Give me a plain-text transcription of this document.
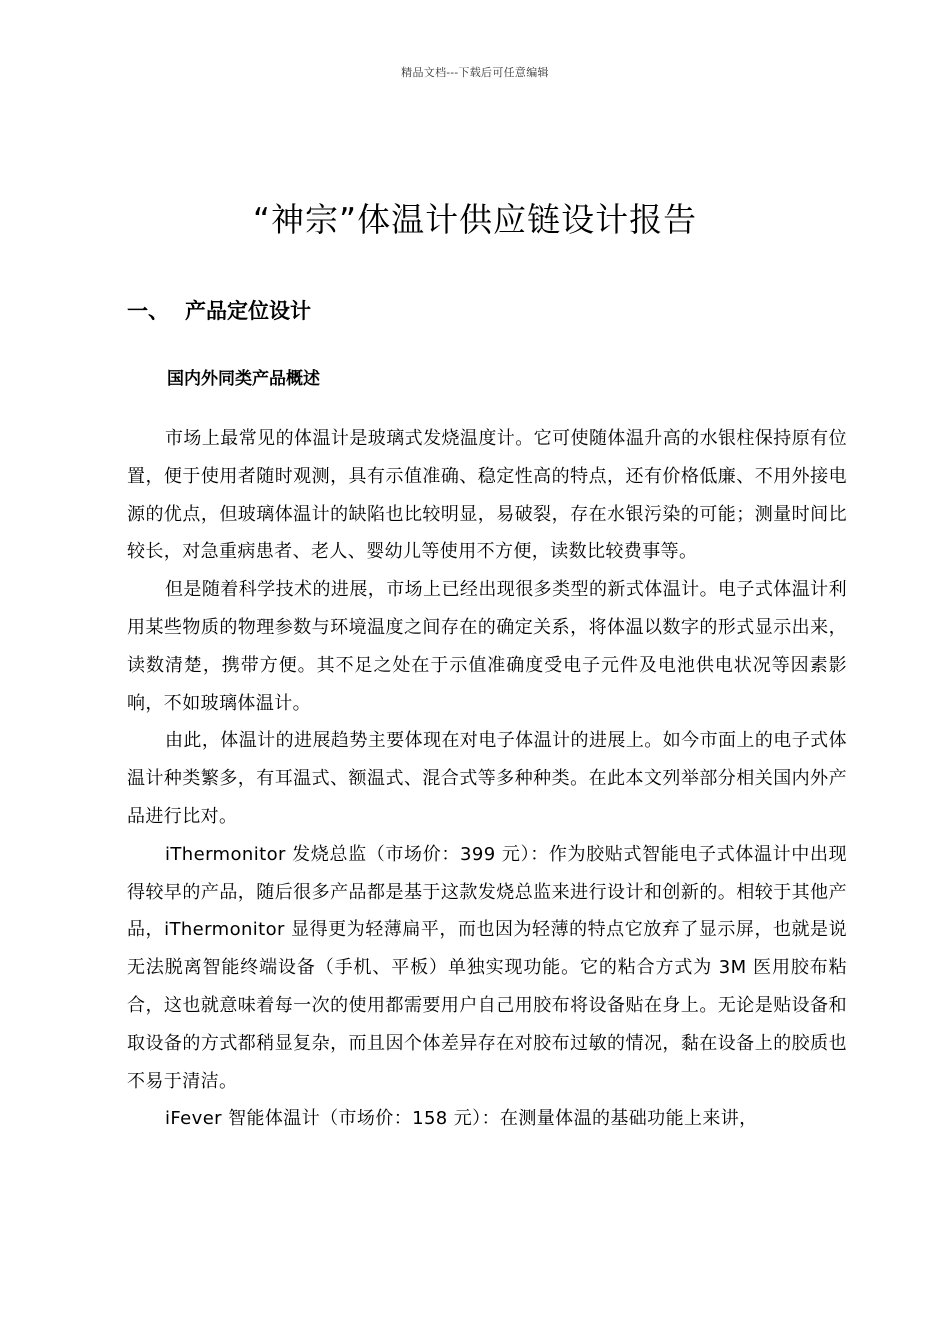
精品文档---下载后可任意编辑
“神宗”体温计供应链设计报告
一、 产品定位设计
国内外同类产品概述

市场上最常见的体温计是玻璃式发烧温度计。它可使随体温升高的水银柱保持原有位置，便于使用者随时观测，具有示值准确、稳定性高的特点，还有价格低廉、不用外接电源的优点，但玻璃体温计的缺陷也比较明显，易破裂，存在水银污染的可能；测量时间比较长，对急重病患者、老人、婴幼儿等使用不方便，读数比较费事等。

但是随着科学技术的进展，市场上已经出现很多类型的新式体温计。电子式体温计利用某些物质的物理参数与环境温度之间存在的确定关系，将体温以数字的形式显示出来，读数清楚，携带方便。其不足之处在于示值准确度受电子元件及电池供电状况等因素影响，不如玻璃体温计。

由此，体温计的进展趋势主要体现在对电子体温计的进展上。如今市面上的电子式体温计种类繁多，有耳温式、额温式、混合式等多种种类。在此本文列举部分相关国内外产品进行比对。

iThermonitor 发烧总监（市场价：399 元）：作为胶贴式智能电子式体温计中出现得较早的产品，随后很多产品都是基于这款发烧总监来进行设计和创新的。相较于其他产品，iThermonitor 显得更为轻薄扁平，而也因为轻薄的特点它放弃了显示屏，也就是说无法脱离智能终端设备（手机、平板）单独实现功能。它的粘合方式为 3M 医用胶布粘合，这也就意味着每一次的使用都需要用户自己用胶布将设备贴在身上。无论是贴设备和取设备的方式都稍显复杂，而且因个体差异存在对胶布过敏的情况，黏在设备上的胶质也不易于清洁。

iFever 智能体温计（市场价：158 元）：在测量体温的基础功能上来讲，
